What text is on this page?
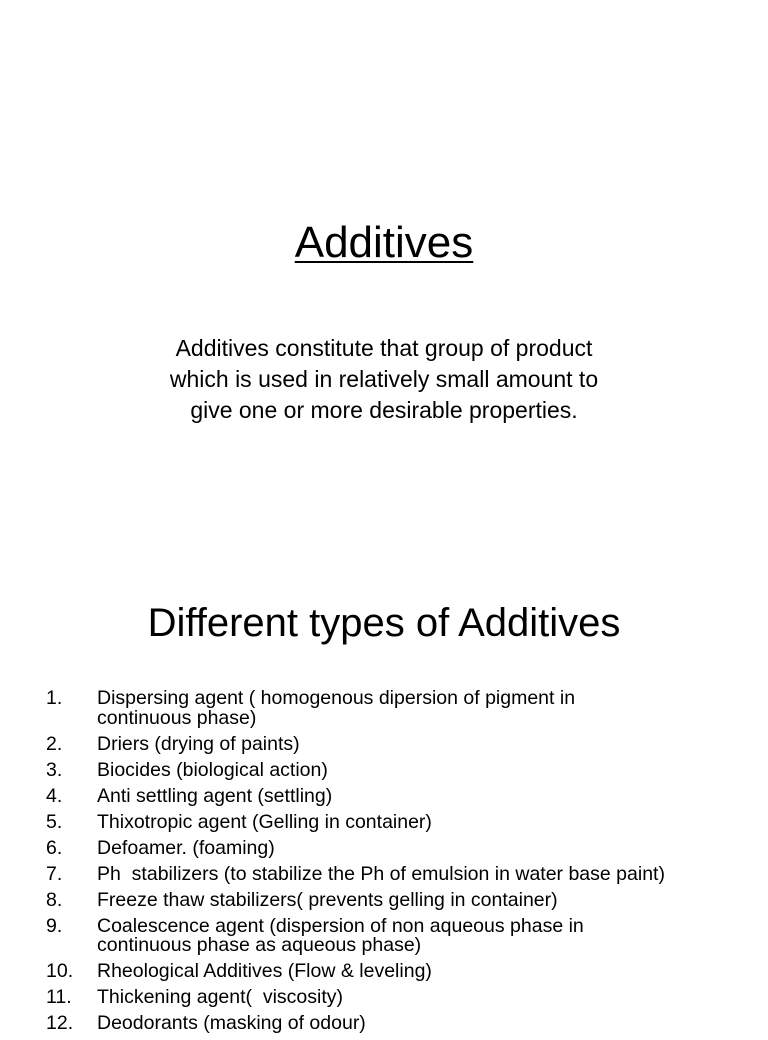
Additives

Additives constitute that group of product
which is used in relatively small amount to
give one or more desirable properties.

Different types of Additives
1. Dispersing agent ( homogenous dipersion of pigment in
continuous phase)
2. Driers (drying of paints)
3. Biocides (biological action)
4. Anti settling agent (settling)
5. Thixotropic agent (Gelling in container)
6. Defoamer. (foaming)
7. Ph  stabilizers (to stabilize the Ph of emulsion in water base paint)
8. Freeze thaw stabilizers( prevents gelling in container)
9. Coalescence agent (dispersion of non aqueous phase in
continuous phase as aqueous phase)
10. Rheological Additives (Flow & leveling)
11. Thickening agent(  viscosity)
12. Deodorants (masking of odour)
